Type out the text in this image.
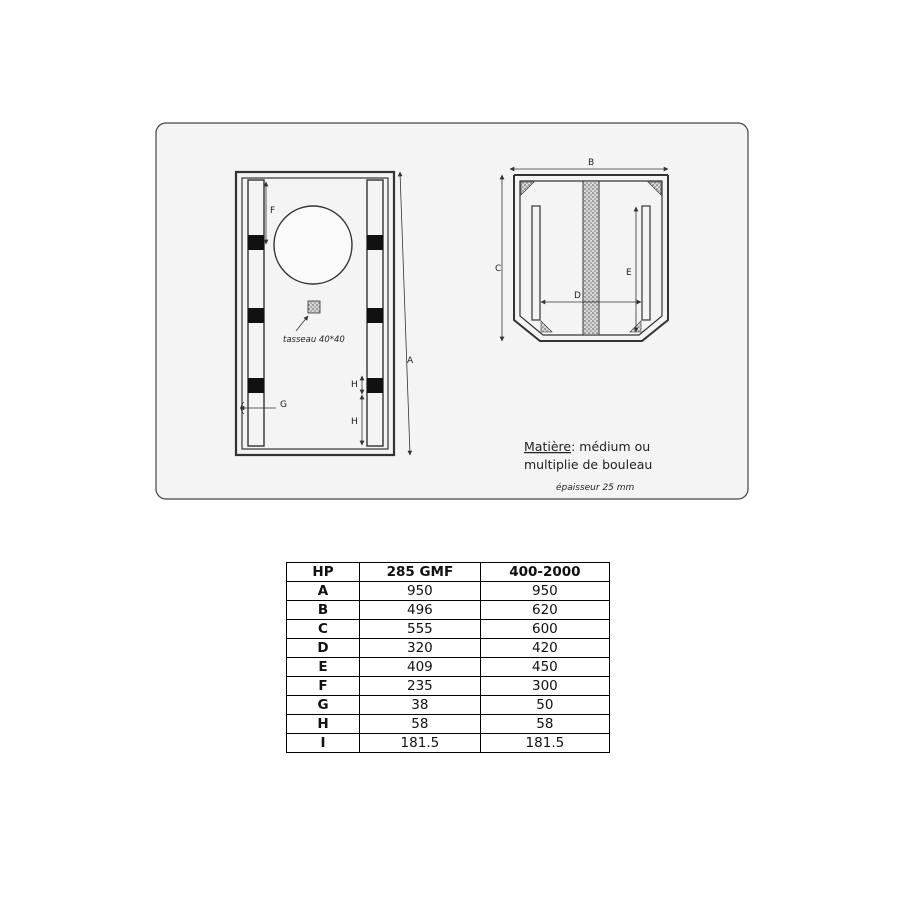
tasseau 40*40
F
A
G
H
H
B
C
D
E
Matière: médium ou
multiplie de bouleau
épaisseur 25 mm
HP	285 GMF	400-2000
A	950	950
B	496	620
C	555	600
D	320	420
E	409	450
F	235	300
G	38	50
H	58	58
I	181.5	181.5
